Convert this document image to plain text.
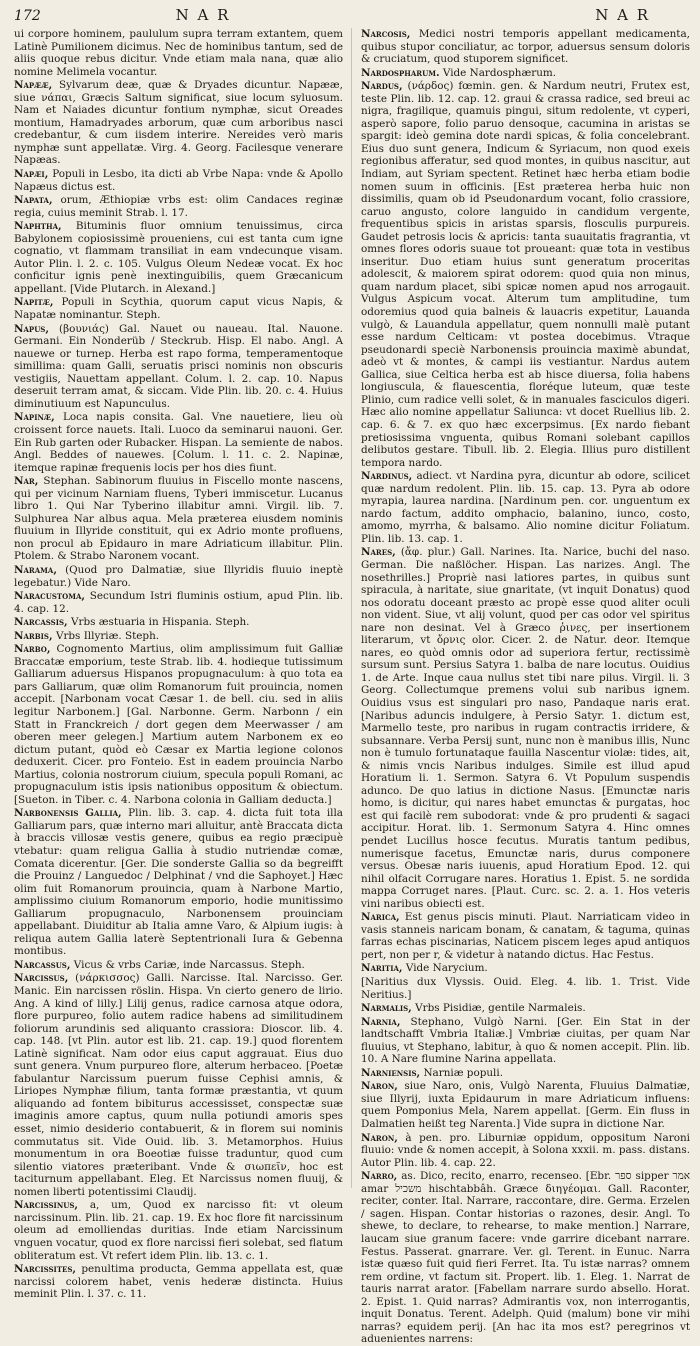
172	N A R	N A R

ui corpore hominem, paululum supra terram extantem, quem Latinè Pumilionem dicimus. Nec de hominibus tantum, sed de aliis quoque rebus dicitur. Vnde etiam mala nana, quæ alio nomine Melimela vocantur.

Napææ, Sylvarum deæ, quæ & Dryades dicuntur. Napææ, siue νάπαι, Græcis Saltum significat, siue locum syluosum. Nam et Naiades dicuntur fontium nymphæ, sicut Oreades montium, Hamadryades arborum, quæ cum arboribus nasci credebantur, & cum iisdem interire. Nereides verò maris nymphæ sunt appellatæ. Virg. 4. Georg. Facilesque venerare Napæas.

Napæi, Populi in Lesbo, ita dicti ab Vrbe Napa: vnde & Apollo Napæus dictus est.

Napata, orum, Æthiopiæ vrbs est: olim Candaces reginæ regia, cuius meminit Strab. l. 17.

Naphtha, Bituminis fluor omnium tenuissimus, circa Babylonem copiosissimè proueniens, cui est tanta cum igne cognatio, vt flammam transiliat in eam vndecunque visam. Autor Plin. l. 2. c. 105. Vulgus Oleum Nedeæ vocat. Ex hoc conficitur ignis penè inextinguibilis, quem Græcanicum appellant. [Vide Plutarch. in Alexand.]

Napitæ, Populi in Scythia, quorum caput vicus Napis, & Napatæ nominantur. Steph.

Napus, (βουνιάς) Gal. Nauet ou naueau. Ital. Nauone. Germani. Ein Nonderüb / Steckrub. Hisp. El nabo. Angl. A nauewe or turnep. Herba est rapo forma, temperamentoque simillima: quam Galli, seruatis prisci nominis non obscuris vestigiis, Nauettam appellant. Colum. l. 2. cap. 10. Napus deseruit terram amat, & siccam. Vide Plin. lib. 20. c. 4. Huius diminutiuum est Napunculus.

Napinæ, Loca napis consita. Gal. Vne nauetiere, lieu où croissent force nauets. Itali. Luoco da seminarui nauoni. Ger. Ein Rub garten oder Rubacker. Hispan. La semiente de nabos. Angl. Beddes of nauewes. [Colum. l. 11. c. 2. Napinæ, itemque rapinæ frequenis locis per hos dies fiunt.

Nar, Stephan. Sabinorum fluuius in Fiscello monte nascens, qui per vicinum Narniam fluens, Tyberi immiscetur. Lucanus libro 1. Qui Nar Tyberino illabitur amni. Virgil. lib. 7. Sulphurea Nar albus aqua. Mela præterea eiusdem nominis fluuium in Illyride constituit, qui ex Adrio monte profluens, non procul ab Epidauro in mare Adriaticum illabitur. Plin. Ptolem. & Strabo Naronem vocant.

Narama, (Quod pro Dalmatiæ, siue Illyridis fluuio ineptè legebatur.) Vide Naro.

Naracustoma, Secundum Istri fluminis ostium, apud Plin. lib. 4. cap. 12.

Narcassis, Vrbs æstuaria in Hispania. Steph.

Narbis, Vrbs Illyriæ. Steph.

Narbo, Cognomento Martius, olim amplissimum fuit Galliæ Braccatæ emporium, teste Strab. lib. 4. hodieque tutissimum Galliarum aduersus Hispanos propugnaculum: à quo tota ea pars Galliarum, quæ olim Romanorum fuit prouincia, nomen accepit. [Narbonam vocat Cæsar 1. de bell. ciu. sed in aliis legitur Narbonem.] [Gal. Narbonne. Germ. Narbonn / ein Statt in Franckreich / dort gegen dem Meerwasser / am oberen meer gelegen.] Martium autem Narbonem ex eo dictum putant, quòd eò Cæsar ex Martia legione colonos deduxerit. Cicer. pro Fonteio. Est in eadem prouincia Narbo Martius, colonia nostrorum ciuium, specula populi Romani, ac propugnaculum istis ipsis nationibus oppositum & obiectum. [Sueton. in Tiber. c. 4. Narbona colonia in Galliam deducta.]

Narbonensis Gallia, Plin. lib. 3. cap. 4. dicta fuit tota illa Galliarum pars, quæ interno mari alluitur, antè Braccata dicta à braccis villosæ vestis genere, quibus ea regio præcipuè vtebatur: quam religua Gallia à studio nutriendæ comæ, Comata dicerentur. [Ger. Die sonderste Gallia so da begreifft die Prouinz / Languedoc / Delphinat / vnd die Saphoyet.] Hæc olim fuit Romanorum prouincia, quam à Narbone Martio, amplissimo ciuium Romanorum emporio, hodie munitissimo Galliarum propugnaculo, Narbonensem prouinciam appellabant. Diuiditur ab Italia amne Varo, & Alpium iugis: à reliqua autem Gallia laterè Septentrionali Iura & Gebenna montibus.

Narcassus, Vicus & vrbs Cariæ, inde Narcassus. Steph.

Narcissus, (νάρκισσος) Galli. Narcisse. Ital. Narcisso. Ger. Manic. Ein narcissen röslin. Hispa. Vn cierto genero de lirio. Ang. A kind of lilly.] Lilij genus, radice carnosa atque odora, flore purpureo, folio autem radice habens ad similitudinem foliorum arundinis sed aliquanto crassiora: Dioscor. lib. 4. cap. 148. [vt Plin. autor est lib. 21. cap. 19.] quod florentem Latinè significat. Nam odor eius caput aggrauat. Eius duo sunt genera. Vnum purpureo flore, alterum herbaceo. [Poetæ fabulantur Narcissum puerum fuisse Cephisi amnis, & Liriopes Nymphæ filium, tanta formæ præstantia, vt quum aliquando ad fontem bibiturus accessisset, conspectæ suæ imaginis amore captus, quum nulla potiundi amoris spes esset, nimio desiderio contabuerit, & in florem sui nominis commutatus sit. Vide Ouid. lib. 3. Metamorphos. Huius monumentum in ora Boeotiæ fuisse traduntur, quod cum silentio viatores præteribant. Vnde & σιωπεῖν, hoc est taciturnum appellabant. Eleg. Et Narcissus nomen fluuij, & nomen liberti potentissimi Claudij.

Narcissinus, a, um, Quod ex narcisso fit: vt oleum narcissinum. Plin. lib. 21. cap. 19. Ex hoc flore fit narcissinum oleum ad emolliendas duritias. Inde etiam Narcissinum vnguen vocatur, quod ex flore narcissi fieri solebat, sed flatum obliteratum est. Vt refert idem Plin. lib. 13. c. 1.

Narcissites, penultima producta, Gemma appellata est, quæ narcissi colorem habet, venis hederæ distincta. Huius meminit Plin. l. 37. c. 11.

Narcosis, Medici nostri temporis appellant medicamenta, quibus stupor conciliatur, ac torpor, aduersus sensum doloris & cruciatum, quod stuporem significet.

Nardospharum. Vide Nardosphærum.

Nardus, (νάρδος) fœmin. gen. & Nardum neutri, Frutex est, teste Plin. lib. 12. cap. 12. graui & crassa radice, sed breui ac nigra, fragilique, quamuis pingui, situm redolente, vt cyperi, asperò sapore, folio paruo densoque, cacumina in aristas se spargit: ideò gemina dote nardi spicas, & folia concelebrant. Eius duo sunt genera, Indicum & Syriacum, non quod exeis regionibus afferatur, sed quod montes, in quibus nascitur, aut Indiam, aut Syriam spectent. Retinet hæc herba etiam bodie nomen suum in officinis. [Est præterea herba huic non dissimilis, quam ob id Pseudonardum vocant, folio crassiore, caruo angusto, colore languido in candidum vergente, frequentibus spicis in aristas sparsis, flosculis purpureis. Gaudet petrosis locis & apricis: tanta suauitatis fragrantia, vt omnes flores odoris suaue tot proueant: quæ tota in vestibus inseritur. Duo etiam huius sunt generatum proceritas adolescit, & maiorem spirat odorem: quod quia non minus, quam nardum placet, sibi spicæ nomen apud nos arrogauit. Vulgus Aspicum vocat. Alterum tum amplitudine, tum odoremius quod quia balneis & lauacris expetitur, Lauanda vulgò, & Lauandula appellatur, quem nonnulli malè putant esse nardum Celticam: vt postea docebimus. Vtraque pseudonardi speciè Narbonensis prouincia maximè abundat, adeò vt & montes, & campi iis vestiantur. Nardus autem Gallica, siue Celtica herba est ab hisce diuersa, folia habens longiuscula, & flauescentia, floréque luteum, quæ teste Plinio, cum radice velli solet, & in manuales fasciculos digeri. Hæc alio nomine appellatur Saliunca: vt docet Ruellius lib. 2. cap. 6. & 7. ex quo hæc excerpsimus. [Ex nardo fiebant pretiosissima vnguenta, quibus Romani solebant capillos delibutos gestare. Tibull. lib. 2. Elegia. Illius puro distillent tempora nardo.

Nardinus, adiect. vt Nardina pyra, dicuntur ab odore, scilicet quæ nardum redolent. Plin. lib. 15. cap. 13. Pyra ab odore myrapia, laurea nardina. [Nardinum pen. cor. unguentum ex nardo factum, addito omphacio, balanino, iunco, costo, amomo, myrrha, & balsamo. Alio nomine dicitur Foliatum. Plin. lib. 13. cap. 1.

Nares, (ἄφ. plur.) Gall. Narines. Ita. Narice, buchi del naso. German. Die naßlöcher. Hispan. Las narizes. Angl. The nosethrilles.] Propriè nasi latiores partes, in quibus sunt spiracula, à naritate, siue gnaritate, (vt inquit Donatus) quod nos odoratu doceant præsto ac propè esse quod aliter oculi non vident. Siue, vt alij volunt, quod per cas odor vel spiritus nare non desinat. Vel à Græco ῥινες, per insertionem literarum, vt ὄρνις olor. Cicer. 2. de Natur. deor. Itemque nares, eo quòd omnis odor ad superiora fertur, rectissimè sursum sunt. Persius Satyra 1. balba de nare locutus. Ouidius 1. de Arte. Inque caua nullus stet tibi nare pilus. Virgil. li. 3 Georg. Collectumque premens volui sub naribus ignem. Ouidius vsus est singulari pro naso, Pandaque naris erat. [Naribus aduncis indulgere, à Persio Satyr. 1. dictum est, Marmello teste, pro naribus in rugam contractis irridere, & subsannare. Verba Persij sunt, nunc non è manibus illis, Nunc non è tumulo fortunataque fauilla Nascentur violæ: tides, ait, & nimis vncis Naribus indulges. Simile est illud apud Horatium li. 1. Sermon. Satyra 6. Vt Populum suspendis adunco. De quo latius in dictione Nasus. [Emunctæ naris homo, is dicitur, qui nares habet emunctas & purgatas, hoc est qui facilè rem subodorat: vnde & pro prudenti & sagaci accipitur. Horat. lib. 1. Sermonum Satyra 4. Hinc omnes pendet Lucillus hosce fecutus. Muratis tantum pedibus, numerisque facetus, Emunctæ naris, durus componere versus. Obesæ naris iuuenis, apud Horatium Epod. 12. qui nihil olfacit Corrugare nares. Horatius 1. Epist. 5. ne sordida mappa Corruget nares. [Plaut. Curc. sc. 2. a. 1. Hos veteris vini naribus obiecti est.

Narica, Est genus piscis minuti. Plaut. Narriaticam video in vasis stanneis naricam bonam, & canatam, & taguma, quinas farras echas piscinarias, Naticem piscem leges apud antiquos pert, non per r, & videtur à natando dictus. Hac Festus.

Naritia, Vide Narycium.

[Naritius dux Vlyssis. Ouid. Eleg. 4. lib. 1. Trist. Vide Neritius.]

Narmalis, Vrbs Pisidiæ, gentile Narmaleis.

Narnia, Stephano, Vulgò Narni. [Ger. Ein Stat in der landtschafft Vmbria Italiæ.] Vmbriæ ciuitas, per quam Nar fluuius, vt Stephano, labitur, à quo & nomen accepit. Plin. lib. 10. A Nare flumine Narina appellata.

Narniensis, Narniæ populi.

Naron, siue Naro, onis, Vulgò Narenta, Fluuius Dalmatiæ, siue Illyrij, iuxta Epidaurum in mare Adriaticum influens: quem Pomponius Mela, Narem appellat. [Germ. Ein fluss in Dalmatien heißt teg Narenta.] Vide supra in dictione Nar.

Naron, à pen. pro. Liburniæ oppidum, oppositum Naroni fluuio: vnde & nomen accepit, à Solona xxxii. m. pass. distans. Autor Plin. lib. 4. cap. 22.

Narro, as. Dico, recito, enarro, recenseo. [Ebr. ספר sipper אמר amar משכיל hischtabbâh. Græce διηγέομαι. Gall. Raconter, reciter, conter. Ital. Narrare, raccontare, dire. Germa. Erzelen / sagen. Hispan. Contar historias o razones, desir. Angl. To shewe, to declare, to rehearse, to make mention.] Narrare, laucam siue granum facere: vnde garrire dicebant narrare. Festus. Passerat. gnarrare. Ver. gl. Terent. in Eunuc. Narra istæ quæso fuit quid fieri Ferret. Ita. Tu istæ narras? omnem rem ordine, vt factum sit. Propert. lib. 1. Eleg. 1. Narrat de tauris narrat arator. [Fabellam narrare surdo absello. Horat. 2. Epist. 1. Quid narras? Admirantis vox, non interrogantis, inquit Donatus. Terent. Adelph. Quid (malum) bone vir mihi narras? equidem perij. [An hac ita mos est? peregrinos vt aduenientes narrens:
